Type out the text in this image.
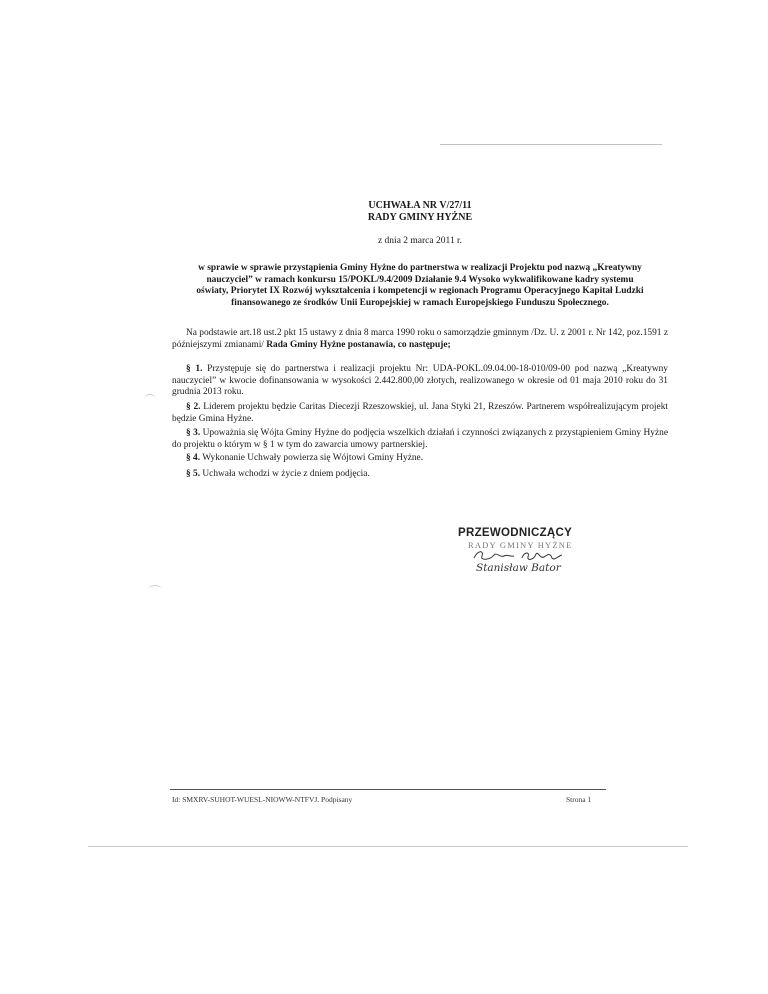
UCHWAŁA NR V/27/11
RADY GMINY HYŻNE
z dnia 2 marca 2011 r.
w sprawie w sprawie przystąpienia Gminy Hyżne do partnerstwa w realizacji Projektu pod nazwą „Kreatywny nauczyciel” w ramach konkursu 15/POKL/9.4/2009 Działanie 9.4 Wysoko wykwalifikowane kadry systemu oświaty, Priorytet IX Rozwój wykształcenia i kompetencji w regionach Programu Operacyjnego Kapitał Ludzki finansowanego ze środków Unii Europejskiej w ramach Europejskiego Funduszu Społecznego.
Na podstawie art.18 ust.2 pkt 15 ustawy z dnia 8 marca 1990 roku o samorządzie gminnym /Dz. U. z 2001 r. Nr 142, poz.1591 z późniejszymi zmianami/ Rada Gminy Hyżne postanawia, co następuje;
§ 1. Przystępuje się do partnerstwa i realizacji projektu Nr: UDA-POKL.09.04.00-18-010/09-00 pod nazwą „Kreatywny nauczyciel” w kwocie dofinansowania w wysokości 2.442.800,00 złotych, realizowanego w okresie od 01 maja 2010 roku do 31 grudnia 2013 roku.
§ 2. Liderem projektu będzie Caritas Diecezji Rzeszowskiej, ul. Jana Styki 21, Rzeszów. Partnerem współrealizującym projekt będzie Gmina Hyżne.
§ 3. Upoważnia się Wójta Gminy Hyżne do podjęcia wszelkich działań i czynności związanych z przystąpieniem Gminy Hyżne do projektu o którym w § 1 w tym do zawarcia umowy partnerskiej.
§ 4. Wykonanie Uchwały powierza się Wójtowi Gminy Hyżne.
§ 5. Uchwała wchodzi w życie z dniem podjęcia.
PRZEWODNICZĄCY
RADY GMINY HYŻNE
Stanisław Bator
Id: SMXRV-SUHOT-WUESL-NIOWW-NTFVJ. Podpisany	Strona 1
